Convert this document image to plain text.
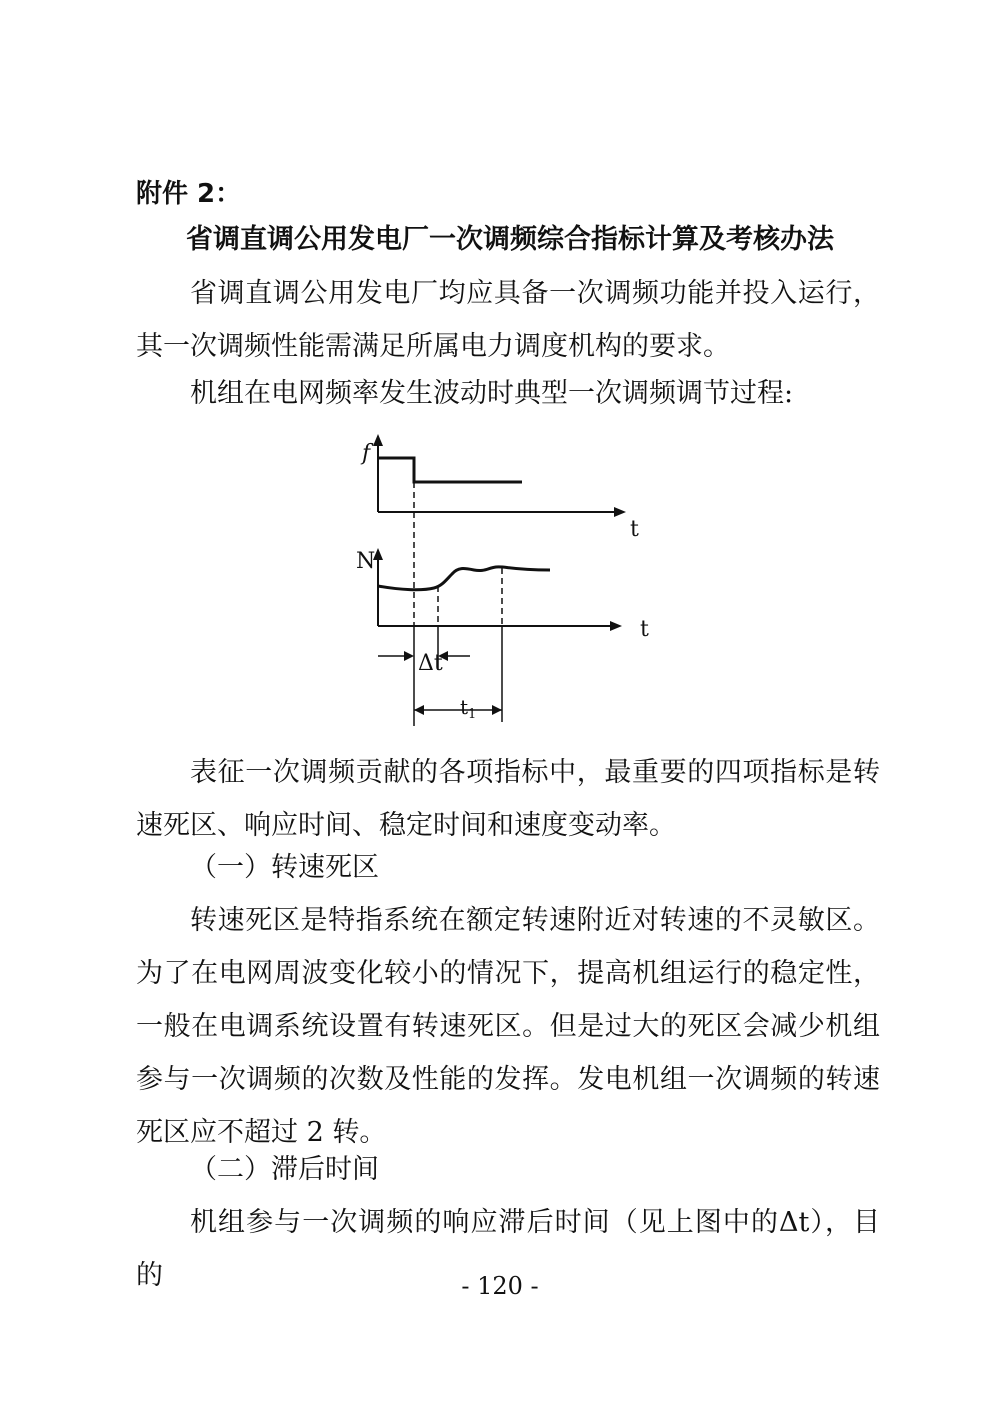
附件 2：
省调直调公用发电厂一次调频综合指标计算及考核办法
省调直调公用发电厂均应具备一次调频功能并投入运行，其一次调频性能需满足所属电力调度机构的要求。
机组在电网频率发生波动时典型一次调频调节过程:
f
t
N
t
Δt
$t_1$
表征一次调频贡献的各项指标中，最重要的四项指标是转速死区、响应时间、稳定时间和速度变动率。
（一）转速死区
转速死区是特指系统在额定转速附近对转速的不灵敏区。为了在电网周波变化较小的情况下，提高机组运行的稳定性，一般在电调系统设置有转速死区。但是过大的死区会减少机组参与一次调频的次数及性能的发挥。发电机组一次调频的转速死区应不超过 2 转。
（二）滞后时间
机组参与一次调频的响应滞后时间（见上图中的Δt），目的	- 120 -
